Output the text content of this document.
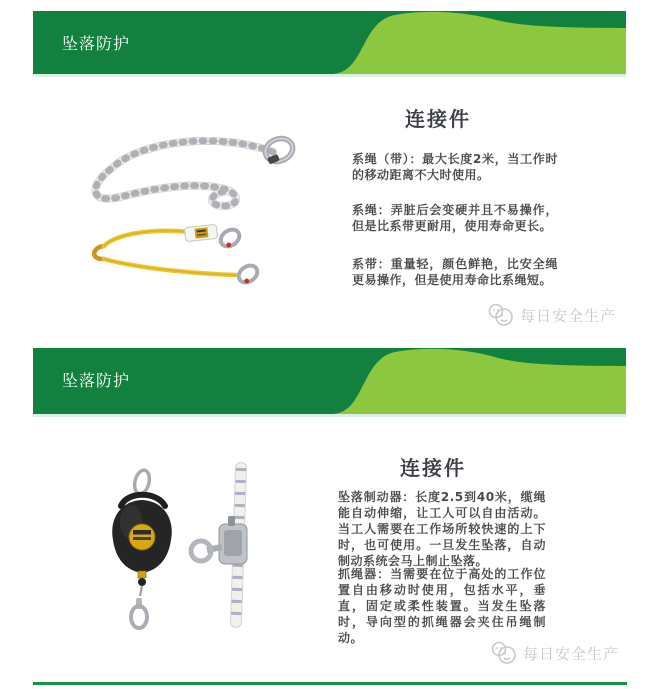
坠落防护
连接件

系绳（带）：最大长度2米，当工作时的移动距离不大时使用。

系绳：弄脏后会变硬并且不易操作，但是比系带更耐用，使用寿命更长。

系带：重量轻，颜色鲜艳，比安全绳更易操作，但是使用寿命比系绳短。

每日安全生产
坠落防护
连接件

坠落制动器：长度2.5到40米，缆绳能自动伸缩，让工人可以自由活动。当工人需要在工作场所较快速的上下时，也可使用。一旦发生坠落，自动制动系统会马上制止坠落。

抓绳器：当需要在位于高处的工作位置自由移动时使用，包括水平，垂直，固定或柔性装置。当发生坠落时，导向型的抓绳器会夹住吊绳制动。

每日安全生产
